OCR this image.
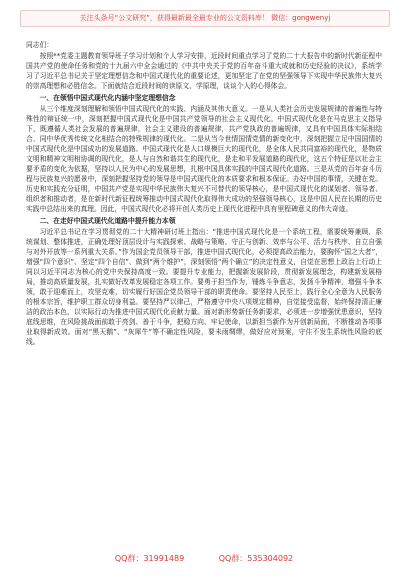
关注头条号“公文研究”，获得最新最全最专业的公文资料库！ 微信：gongwenyj

同志们：

按照**党委主题教育领导班子学习计划和个人学习安排，近段时间重点学习了党的二十大报告中的新时代新征程中国共产党的使命任务和党的十九届六中全会通过的《中共中央关于党的百年奋斗重大成就和历史经验的决议》，系统学习了习近平总书记关于坚定理想信念和中国式现代化的重要论述，更加坚定了在党的坚强领导下实现中华民族伟大复兴的崇高理想和必胜信念。下面就结合近段时间的读原文、学原理，谈谈个人的心得体会。

一、在领悟中国式现代化内涵中坚定理想信念

从三个维度深刻理解和领悟中国式现代化的实践、内涵及其伟大意义。一是从人类社会历史发展规律的普遍性与特殊性的辩证统一中，深刻把握中国式现代化是中国共产党领导的社会主义现代化。中国式现代化是在马克思主义指导下，既遵循人类社会发展的普遍规律，社会主义建设的普遍规律，共产党执政的普遍规律，又具有中国具体实际相结合、同中华优秀传统文化相结合的特殊规律的现代化。二是从当今世情国情党情的新变化中，深刻把握立足中国国情的中国式现代化是中国成功的发展道路。中国式现代化是人口规模巨大的现代化，是全体人民共同富裕的现代化，是物质文明和精神文明相协调的现代化，是人与自然和谐共生的现代化，是走和平发展道路的现代化，这五个特征是以社会主要矛盾的变化为依据，坚持以人民为中心的发展思想，扎根中国具体实践的中国式现代化道路。三是从党的百年奋斗历程与民族复兴的愿景中，深刻把握坚持党的领导是中国式现代化的本质要求和根本保证。办好中国的事情，关键在党。历史和实践充分证明，中国共产党是实现中华民族伟大复兴不可替代的领导核心，是中国式现代化的谋划者、领导者、组织者和推动者，是在新时代新征程统筹推动中国式现代化取得伟大成功的坚强领导核心，这是中国人民在长期的历史实践中总结出来的真理。因此，中国式现代化必将开创人类历史上现代化进程中具有里程碑意义的伟大奇迹。

二、在走好中国式现代化道路中提升能力本领

习近平总书记在学习贯彻党的二十大精神研讨班上指出：“推进中国式现代化是一个系统工程，需要统筹兼顾、系统谋划、整体推进，正确处理好顶层设计与实践探索、战略与策略、守正与创新、效率与公平、活力与秩序、自立自强与对外开放等一系列重大关系。”作为国企党员领导干部，推进中国式现代化，必须提高政治能力，要胸怀“国之大者”，增强“四个意识”、坚定“四个自信”、做到“两个维护”，深刻领悟“两个确立”的决定性意义，自觉在思想上政治上行动上同以习近平同志为核心的党中央保持高度一致。要提升专业能力，把握新发展阶段，贯彻新发展理念，构建新发展格局，推动高质量发展，扎实做好改革发展稳定各项工作。要勇于担当作为，锤炼斗争意志，发扬斗争精神，增强斗争本领，敢于迎难而上，攻坚克难，切实履行好国企党员领导干部的职责使命。要坚持人民至上，践行全心全意为人民服务的根本宗旨，维护职工群众切身利益。要坚持严以律己，严格遵守中央八项规定精神，自觉接受监督，始终保持清正廉洁的政治本色，以实际行动为推进中国式现代化贡献力量。面对新形势新任务新要求，必须进一步增强忧患意识，坚持底线思维，在风险挑战面前敢于亮剑、善于斗争，把稳方向、牢记使命，以新担当新作为开创新局面，不断推动各项事业取得新成效。面对“黑天鹅”、“灰犀牛”等不确定性风险，要未雨绸缪，做好应对预案，守住不发生系统性风险的底线。

QQ群：31991489	QQ群：535304092
